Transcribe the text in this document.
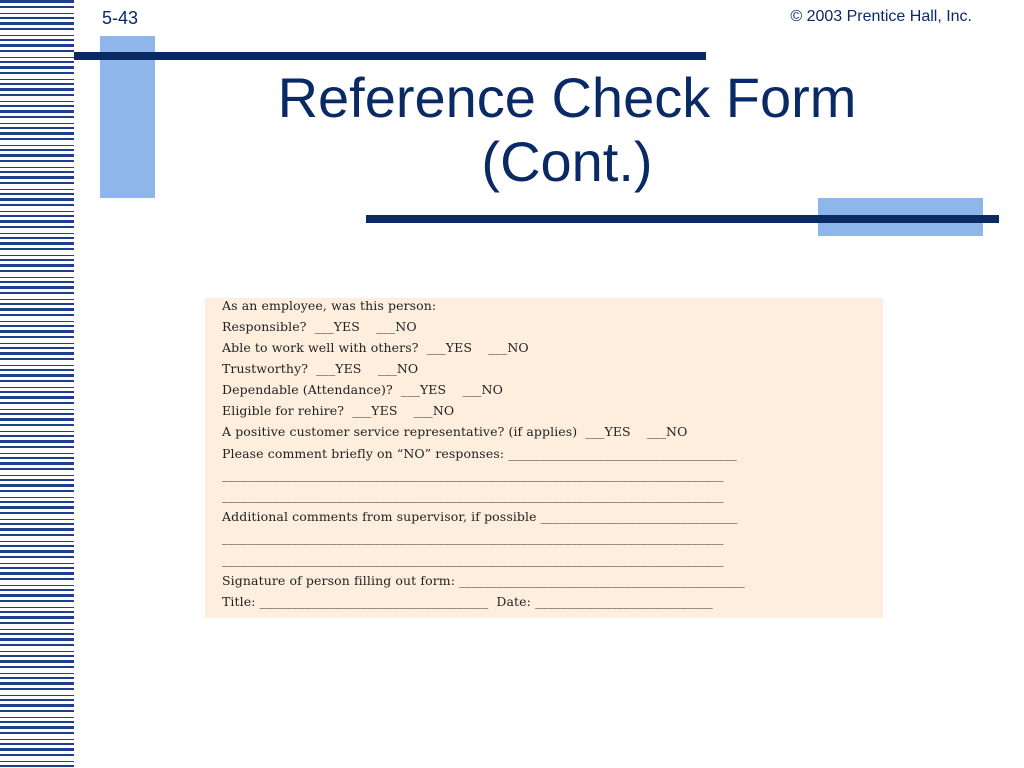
5-43	© 2003 Prentice Hall, Inc.
Reference Check Form
(Cont.)
As an employee, was this person:
Responsible?  ___YES    ___NO
Able to work well with others?  ___YES    ___NO
Trustworthy?  ___YES    ___NO
Dependable (Attendance)?  ___YES    ___NO
Eligible for rehire?  ___YES    ___NO
A positive customer service representative? (if applies)  ___YES    ___NO
Please comment briefly on “NO” responses: ____________________________________
_______________________________________________________________________________
_______________________________________________________________________________
Additional comments from supervisor, if possible _______________________________
_______________________________________________________________________________
_______________________________________________________________________________
Signature of person filling out form: _____________________________________________
Title: ____________________________________  Date: ____________________________
